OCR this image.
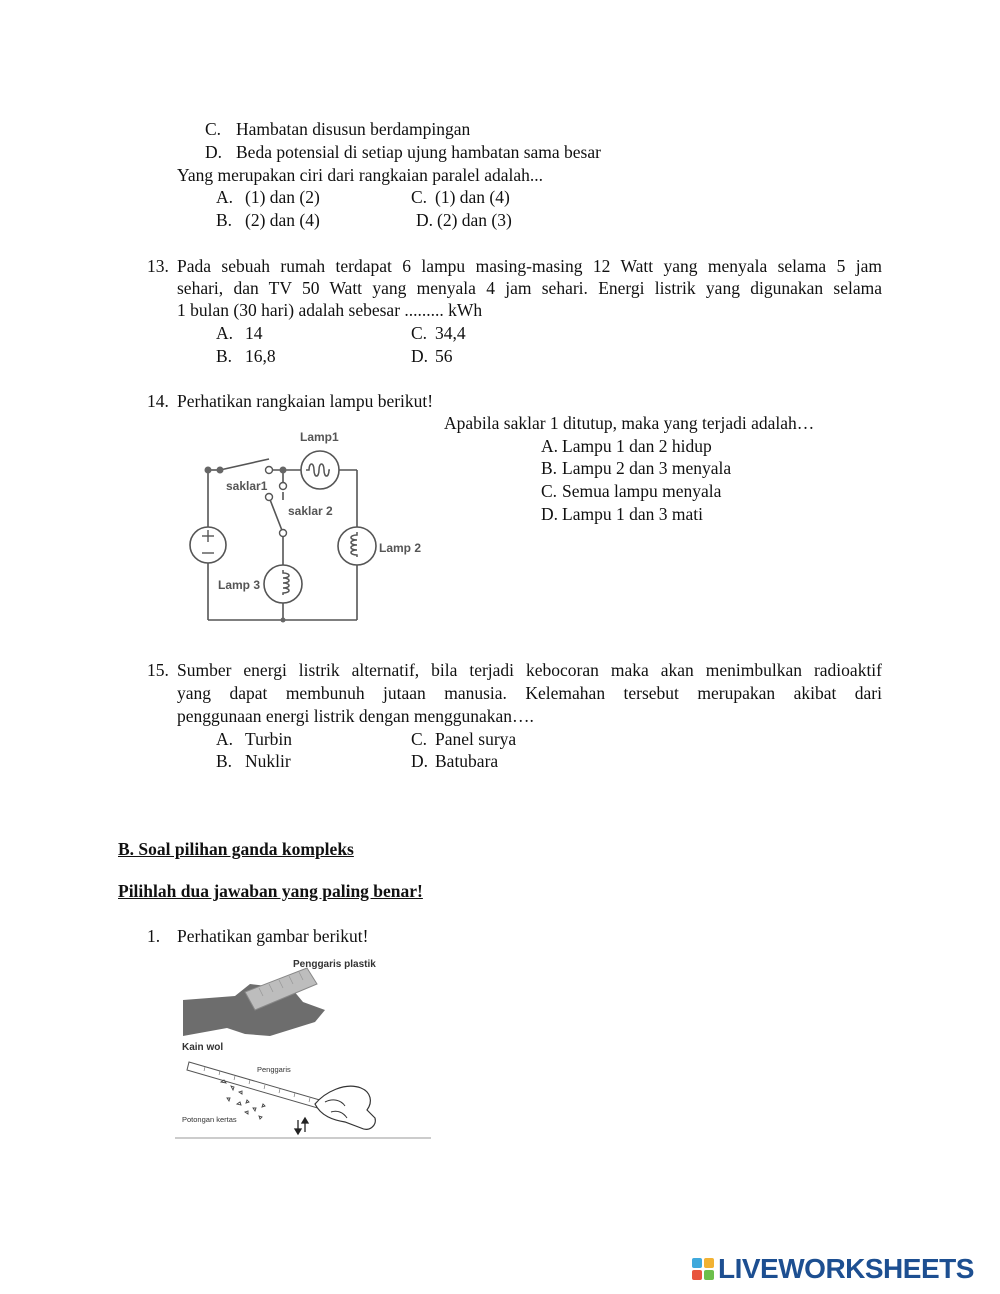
C. Hambatan disusun berdampingan
D. Beda potensial di setiap ujung hambatan sama besar
Yang merupakan ciri dari rangkaian paralel adalah...
A. (1) dan (2)	C. (1) dan (4)
B. (2) dan (4)	D. (2) dan (3)
13. Pada sebuah rumah terdapat 6 lampu masing-masing 12 Watt yang menyala selama 5 jam
sehari, dan TV 50 Watt yang menyala 4 jam sehari. Energi listrik yang digunakan selama
1 bulan (30 hari) adalah sebesar ......... kWh
A. 14	C. 34,4
B. 16,8	D. 56
14. Perhatikan rangkaian lampu berikut!
Apabila saklar 1 ditutup, maka yang terjadi adalah…
A. Lampu 1 dan 2 hidup
B. Lampu 2 dan 3 menyala
C. Semua lampu menyala
D. Lampu 1 dan 3 mati
Lamp1
saklar1
saklar 2
Lamp 2
Lamp 3
15. Sumber energi listrik alternatif, bila terjadi kebocoran maka akan menimbulkan radioaktif
yang dapat membunuh jutaan manusia. Kelemahan tersebut merupakan akibat dari
penggunaan energi listrik dengan menggunakan….
A. Turbin	C. Panel surya
B. Nuklir	D. Batubara
B. Soal pilihan ganda kompleks
Pilihlah dua jawaban yang paling benar!
1. Perhatikan gambar berikut!
Penggaris plastik
Kain wol
Penggaris
Potongan kertas
LIVEWORKSHEETS
